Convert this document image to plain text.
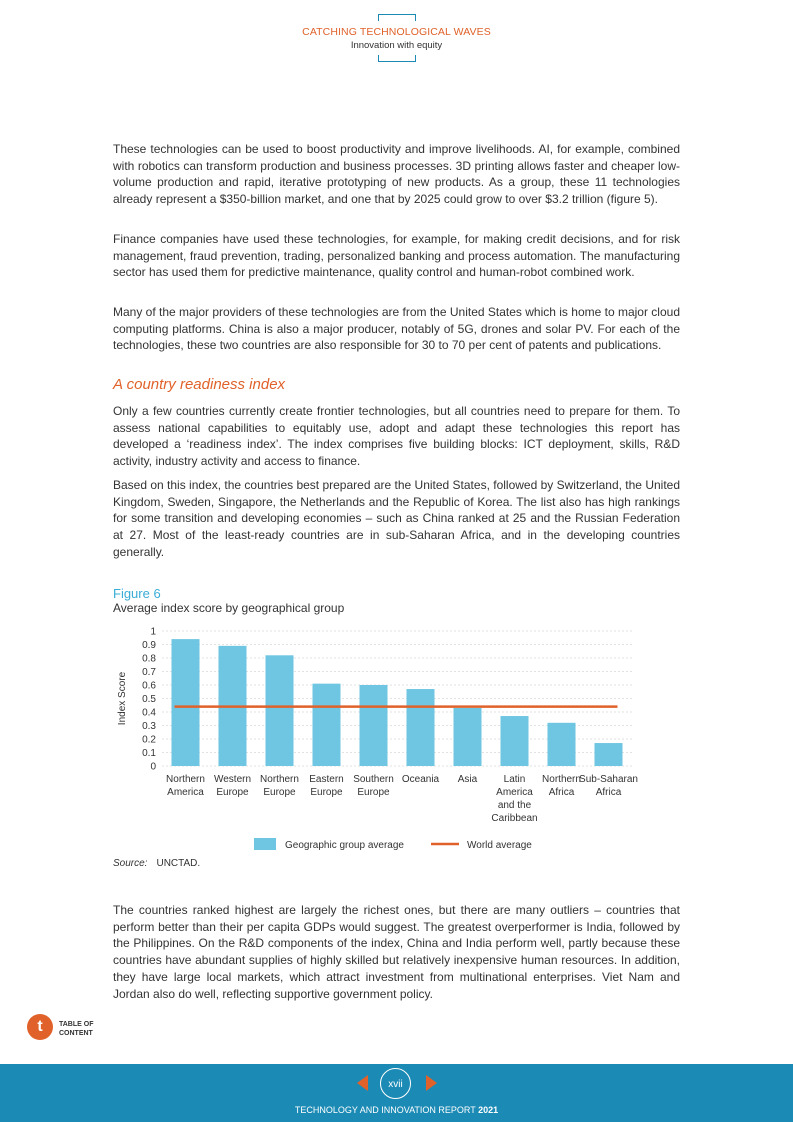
CATCHING TECHNOLOGICAL WAVES
Innovation with equity

These technologies can be used to boost productivity and improve livelihoods. AI, for example, combined with robotics can transform production and business processes. 3D printing allows faster and cheaper low-volume production and rapid, iterative prototyping of new products. As a group, these 11 technologies already represent a $350-billion market, and one that by 2025 could grow to over $3.2 trillion (figure 5).

Finance companies have used these technologies, for example, for making credit decisions, and for risk management, fraud prevention, trading, personalized banking and process automation. The manufacturing sector has used them for predictive maintenance, quality control and human-robot combined work.

Many of the major providers of these technologies are from the United States which is home to major cloud computing platforms. China is also a major producer, notably of 5G, drones and solar PV. For each of the technologies, these two countries are also responsible for 30 to 70 per cent of patents and publications.

A country readiness index

Only a few countries currently create frontier technologies, but all countries need to prepare for them. To assess national capabilities to equitably use, adopt and adapt these technologies this report has developed a ‘readiness index’. The index comprises five building blocks: ICT deployment, skills, R&D activity, industry activity and access to finance.

Based on this index, the countries best prepared are the United States, followed by Switzerland, the United Kingdom, Sweden, Singapore, the Netherlands and the Republic of Korea. The list also has high rankings for some transition and developing economies – such as China ranked at 25 and the Russian Federation at 27. Most of the least-ready countries are in sub-Saharan Africa, and in the developing countries generally.

Figure 6
Average index score by geographical group
0
0.1
0.2
0.3
0.4
0.5
0.6
0.7
0.8
0.9
1
Northern
America
Western
Europe
Northern
Europe
Eastern
Europe
Southern
Europe
Oceania Asia	Latin
America
and the
Caribbean
Northern
Africa
Sub-Saharan
Africa
Index Score
Geographic group average	World average
Source: UNCTAD.

The countries ranked highest are largely the richest ones, but there are many outliers – countries that perform better than their per capita GDPs would suggest. The greatest overperformer is India, followed by the Philippines. On the R&D components of the index, China and India perform well, partly because these countries have abundant supplies of highly skilled but relatively inexpensive human resources. In addition, they have large local markets, which attract investment from multinational enterprises. Viet Nam and Jordan also do well, reflecting supportive government policy.

t	TABLE OF
CONTENT
xvii
TECHNOLOGY AND INNOVATION REPORT 2021
